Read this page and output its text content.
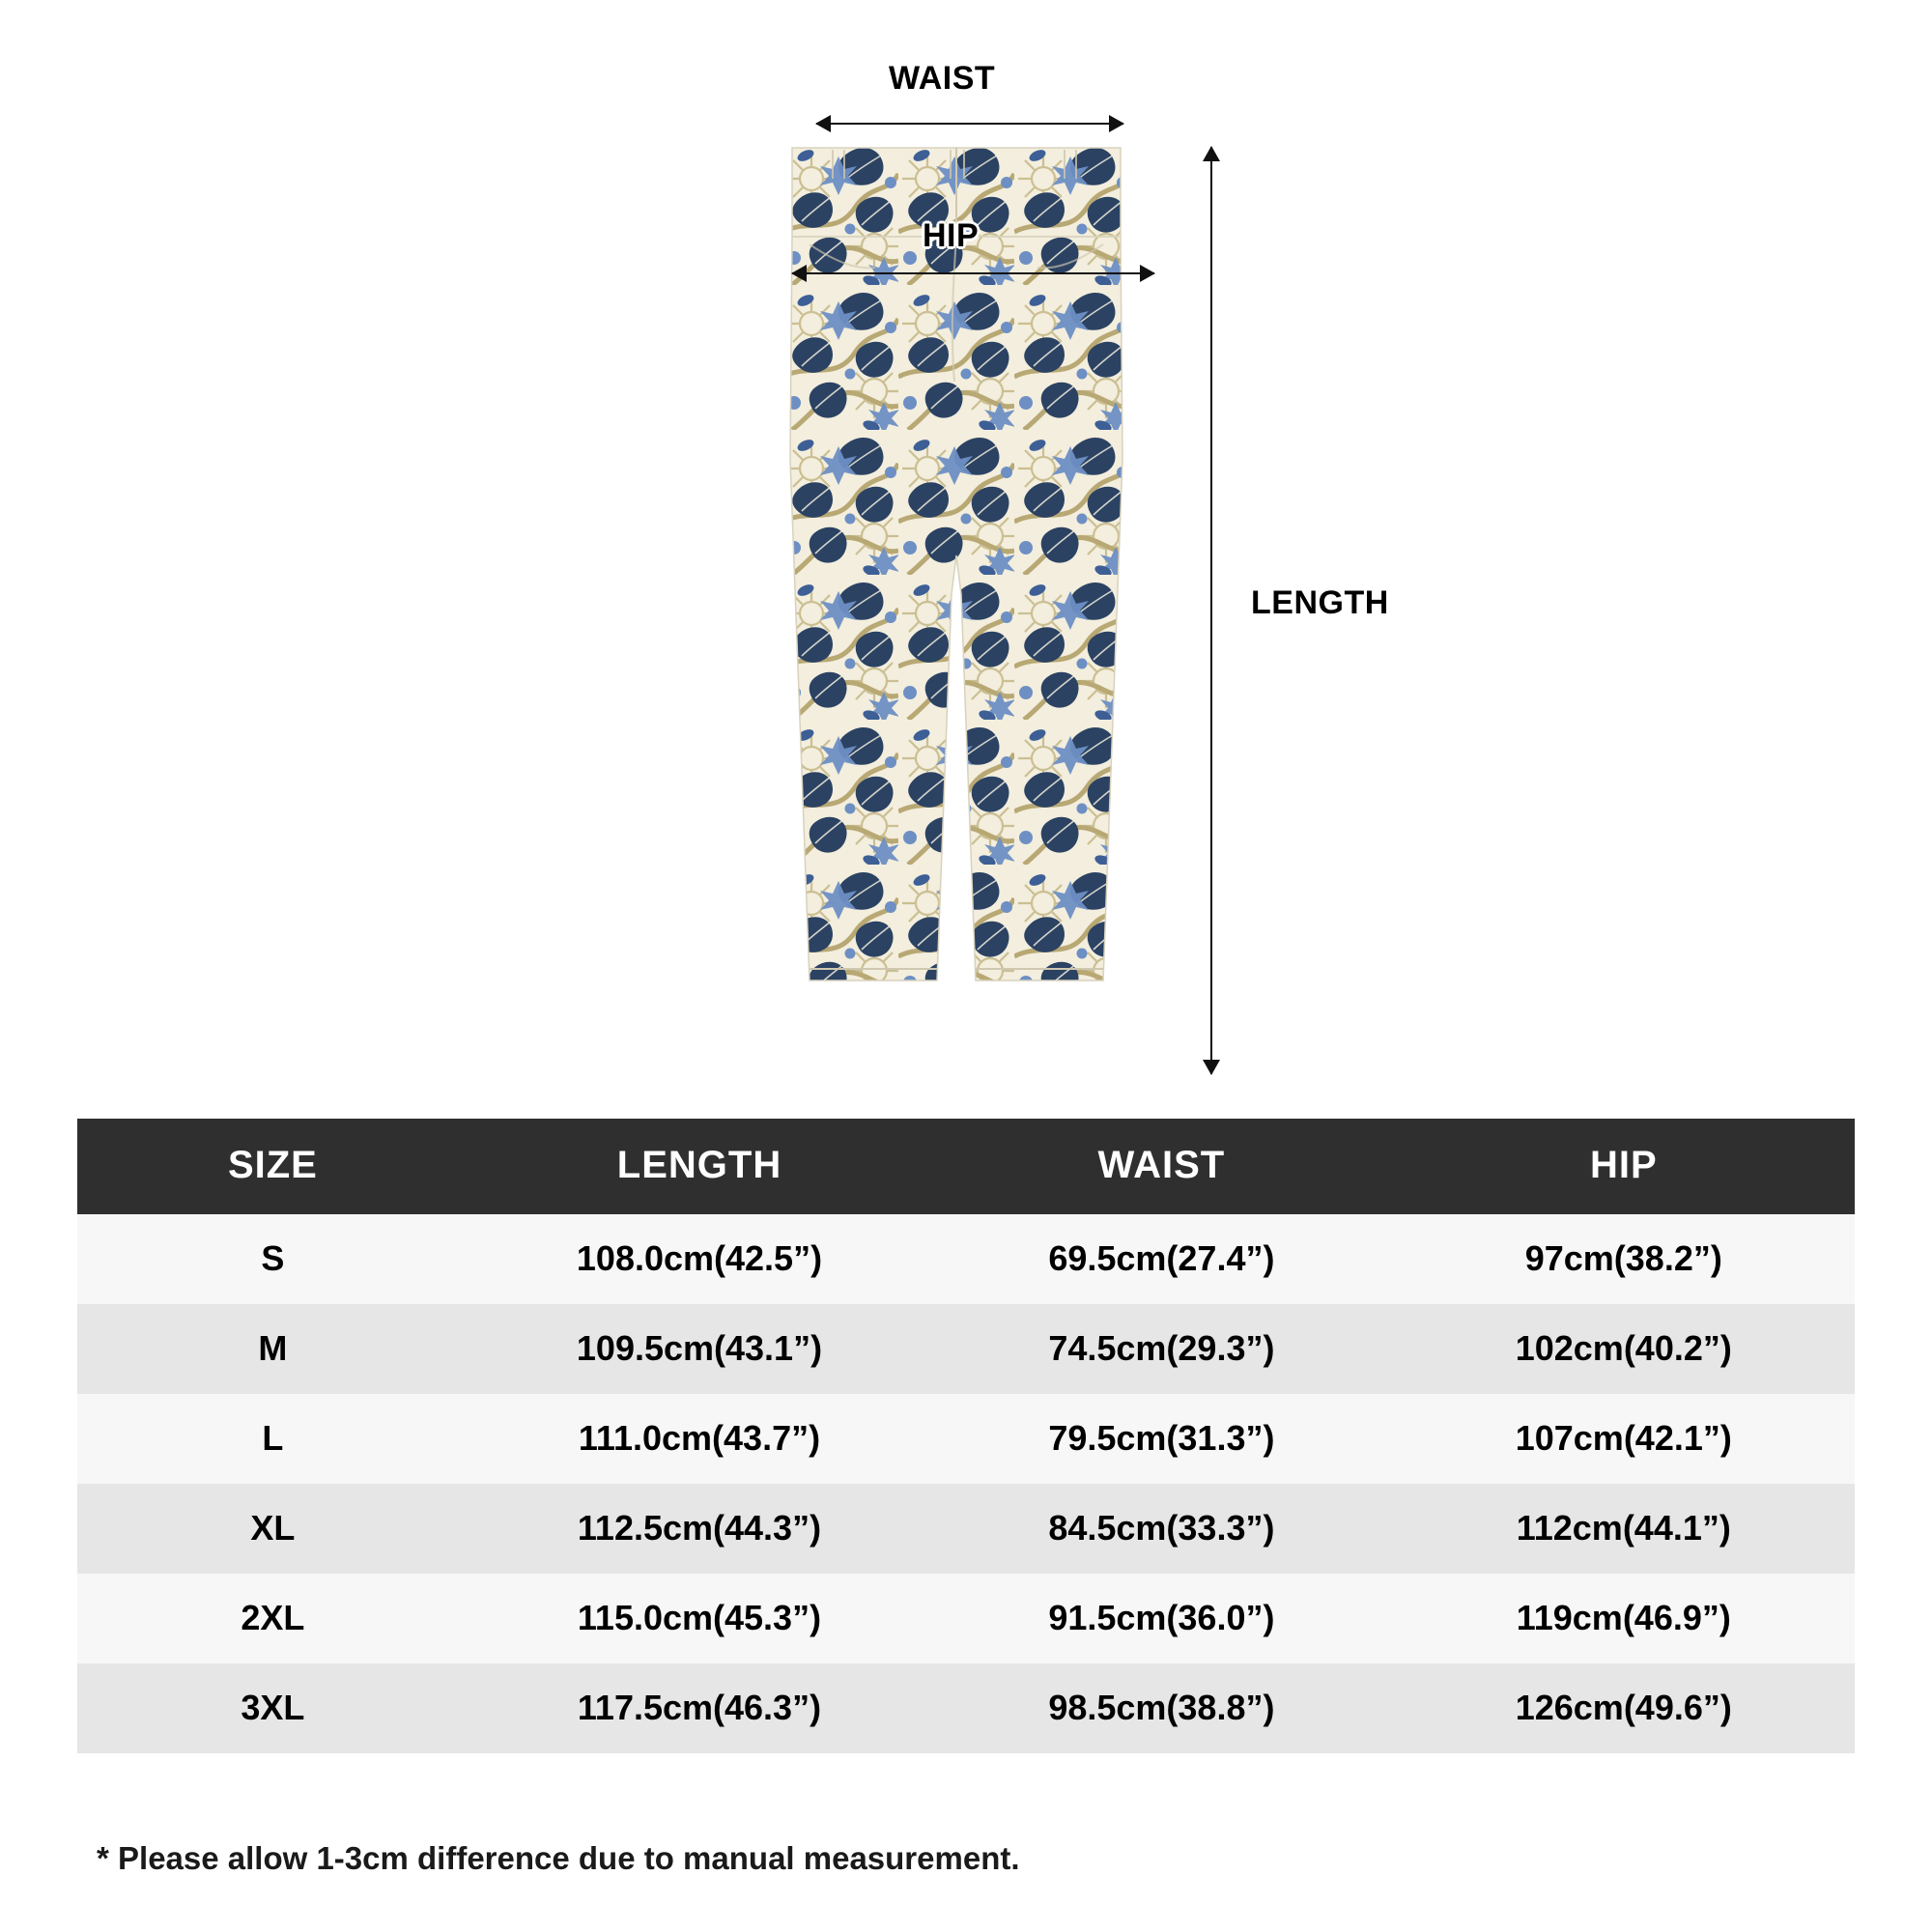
WAIST
HIP
LENGTH
SIZE	LENGTH	WAIST	HIP
S	108.0cm(42.5”)	69.5cm(27.4”)	97cm(38.2”)
M	109.5cm(43.1”)	74.5cm(29.3”)	102cm(40.2”)
L	111.0cm(43.7”)	79.5cm(31.3”)	107cm(42.1”)
XL	112.5cm(44.3”)	84.5cm(33.3”)	112cm(44.1”)
2XL	115.0cm(45.3”)	91.5cm(36.0”)	119cm(46.9”)
3XL	117.5cm(46.3”)	98.5cm(38.8”)	126cm(49.6”)
* Please allow 1-3cm difference due to manual measurement.
